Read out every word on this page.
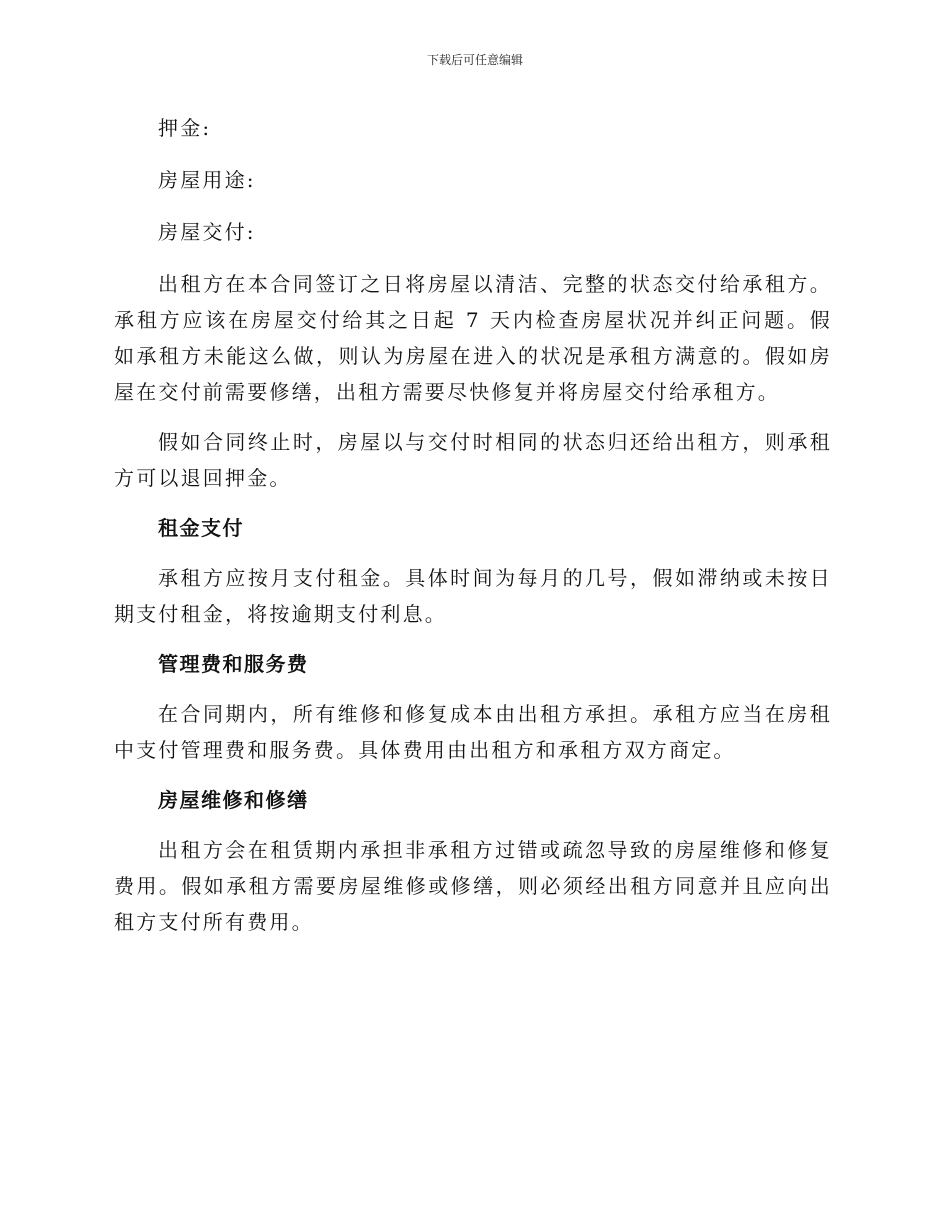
下载后可任意编辑

押金:

房屋用途:

房屋交付:

出租方在本合同签订之日将房屋以清洁、完整的状态交付给承租方。承租方应该在房屋交付给其之日起 7 天内检查房屋状况并纠正问题。假如承租方未能这么做，则认为房屋在进入的状况是承租方满意的。假如房屋在交付前需要修缮，出租方需要尽快修复并将房屋交付给承租方。

假如合同终止时，房屋以与交付时相同的状态归还给出租方，则承租方可以退回押金。

租金支付

承租方应按月支付租金。具体时间为每月的几号，假如滞纳或未按日期支付租金，将按逾期支付利息。

管理费和服务费

在合同期内，所有维修和修复成本由出租方承担。承租方应当在房租中支付管理费和服务费。具体费用由出租方和承租方双方商定。

房屋维修和修缮

出租方会在租赁期内承担非承租方过错或疏忽导致的房屋维修和修复费用。假如承租方需要房屋维修或修缮，则必须经出租方同意并且应向出租方支付所有费用。
